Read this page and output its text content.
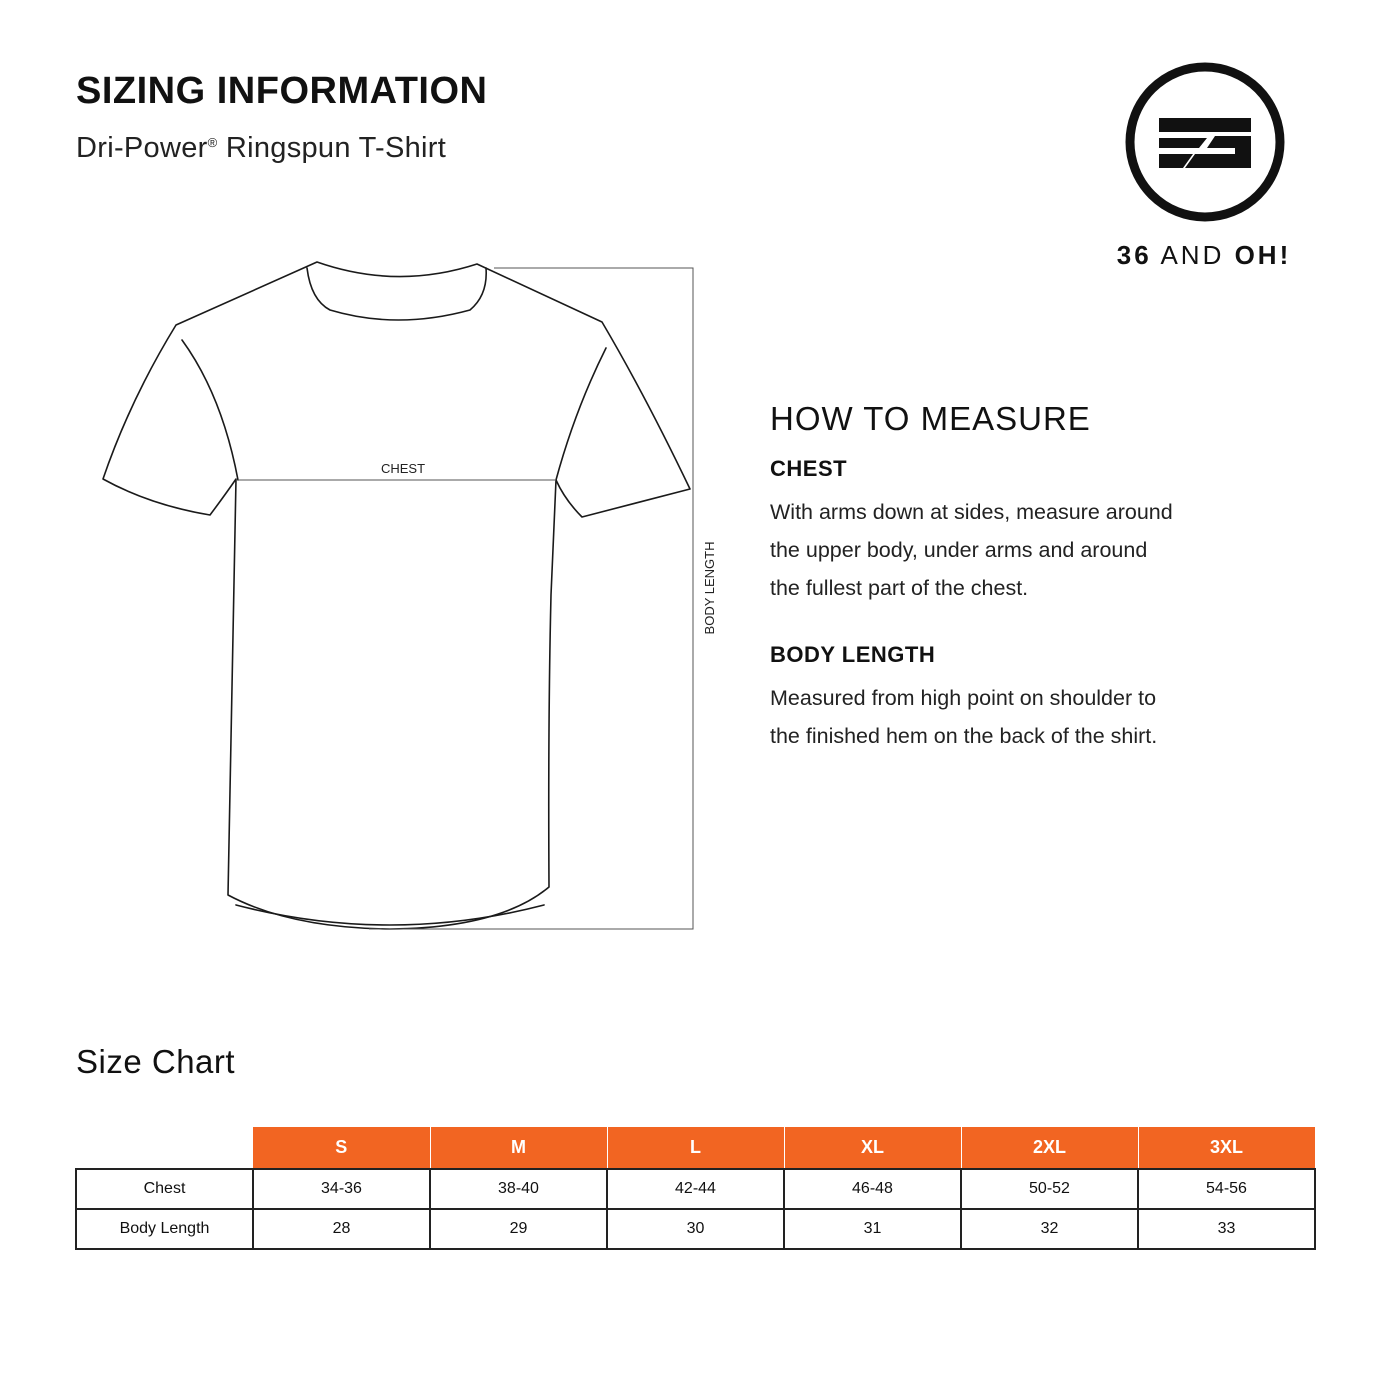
SIZING INFORMATION
Dri-Power® Ringspun T-Shirt
36 AND OH!
CHEST
BODY LENGTH
HOW TO MEASURE
CHEST

With arms down at sides, measure around
the upper body, under arms and around
the fullest part of the chest.

BODY LENGTH

Measured from high point on shoulder to
the finished hem on the back of the shirt.

Size Chart
	S	M	L	XL	2XL	3XL
Chest	34-36	38-40	42-44	46-48	50-52	54-56
Body Length	28	29	30	31	32	33
